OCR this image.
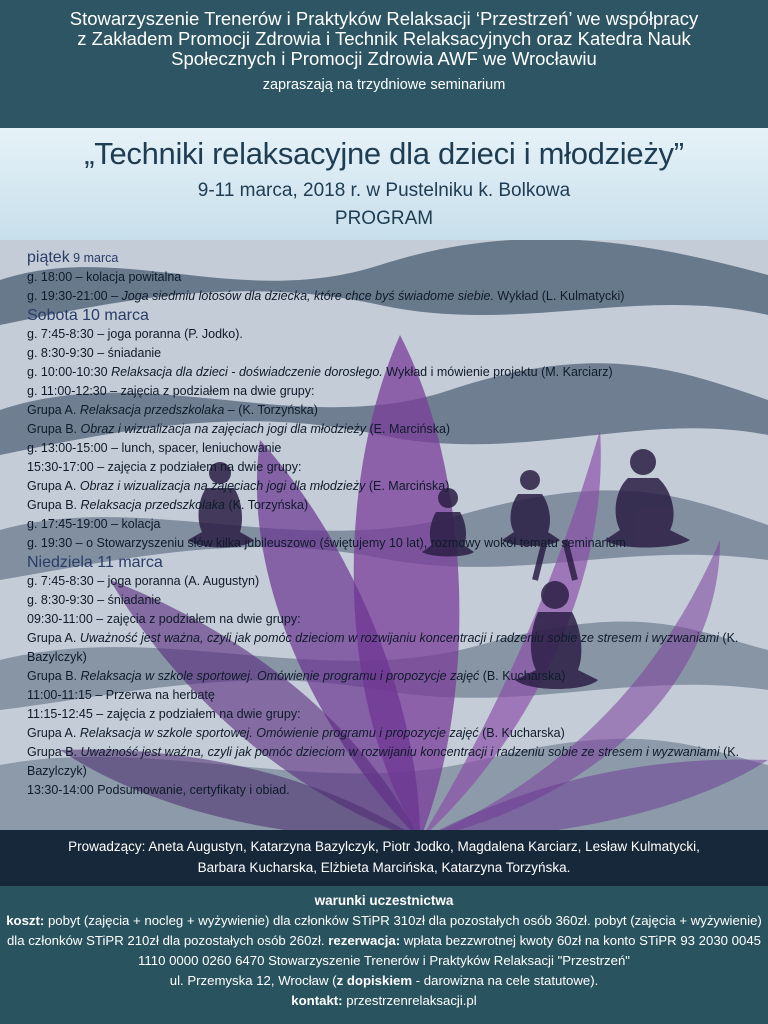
Stowarzyszenie Trenerów i Praktyków Relaksacji ‘Przestrzeń’ we współpracy
z Zakładem Promocji Zdrowia i Technik Relaksacyjnych oraz Katedra Nauk
Społecznych i Promocji Zdrowia AWF we Wrocławiu
zapraszają na trzydniowe seminarium
„Techniki relaksacyjne dla dzieci i młodzieży”
9-11 marca, 2018 r. w Pustelniku k. Bolkowa
PROGRAM
piątek 9 marca
g. 18:00 – kolacja powitalna
g. 19:30-21:00 – Joga siedmiu lotosów dla dziecka, które chce byś świadome siebie. Wykład (L. Kulmatycki)
Sobota 10 marca
g. 7:45-8:30 – joga poranna (P. Jodko).
g. 8:30-9:30 – śniadanie
g. 10:00-10:30 Relaksacja dla dzieci - doświadczenie dorosłego. Wykład i mówienie projektu (M. Karciarz)
g. 11:00-12:30 – zajęcia z podziałem na dwie grupy:
Grupa A. Relaksacja przedszkolaka – (K. Torzyńska)
Grupa B. Obraz i wizualizacja na zajęciach jogi dla młodzieży (E. Marcińska)
g. 13:00-15:00 – lunch, spacer, leniuchowanie
15:30-17:00 – zajęcia z podziałem na dwie grupy:
Grupa A. Obraz i wizualizacja na zajęciach jogi dla młodzieży (E. Marcińska)
Grupa B. Relaksacja przedszkolaka (K. Torzyńska)
g. 17:45-19:00 – kolacja
g. 19:30 – o Stowarzyszeniu słów kilka jubileuszowo (świętujemy 10 lat), rozmowy wokół tematu seminarium
Niedziela 11 marca
g. 7:45-8:30 – joga poranna (A. Augustyn)
g. 8:30-9:30 – śniadanie
09:30-11:00 – zajęcia z podziałem na dwie grupy:
Grupa A. Uważność jest ważna, czyli jak pomóc dzieciom w rozwijaniu koncentracji i radzeniu sobie ze stresem i wyzwaniami (K. Bazylczyk)
Grupa B. Relaksacja w szkole sportowej. Omówienie programu i propozycje zajęć (B. Kucharska)
11:00-11:15 – Przerwa na herbatę
11:15-12:45 – zajęcia z podziałem na dwie grupy:
Grupa A. Relaksacja w szkole sportowej. Omówienie programu i propozycje zajęć (B. Kucharska)
Grupa B. Uważność jest ważna, czyli jak pomóc dzieciom w rozwijaniu koncentracji i radzeniu sobie ze stresem i wyzwaniami (K. Bazylczyk)
13:30-14:00 Podsumowanie, certyfikaty i obiad.
Prowadzący: Aneta Augustyn, Katarzyna Bazylczyk, Piotr Jodko, Magdalena Karciarz, Lesław Kulmatycki,
Barbara Kucharska, Elżbieta Marcińska, Katarzyna Torzyńska.
warunki uczestnictwa
koszt: pobyt (zajęcia + nocleg + wyżywienie) dla członków STiPR 310zł dla pozostałych osób 360zł. pobyt (zajęcia + wyżywienie) dla członków STiPR 210zł dla pozostałych osób 260zł. rezerwacja: wpłata bezzwrotnej kwoty 60zł na konto STiPR 93 2030 0045 1110 0000 0260 6470 Stowarzyszenie Trenerów i Praktyków Relaksacji "Przestrzeń"
ul. Przemyska 12, Wrocław (z dopiskiem - darowizna na cele statutowe).
kontakt: przestrzenrelaksacji.pl
